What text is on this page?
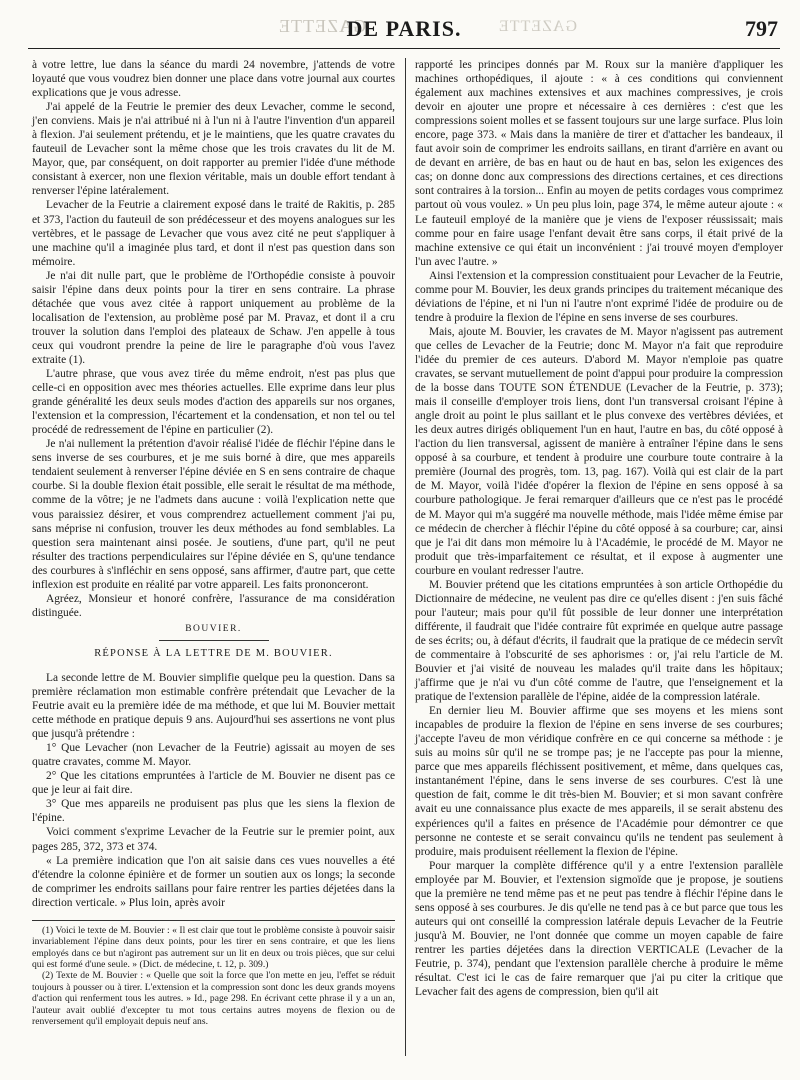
GAZETTE	GAZETTE
DE PARIS.	797

à votre lettre, lue dans la séance du mardi 24 novembre, j'attends de votre loyauté que vous voudrez bien donner une place dans votre journal aux courtes explications que je vous adresse.

J'ai appelé de la Feutrie le premier des deux Levacher, comme le second, j'en conviens. Mais je n'ai attribué ni à l'un ni à l'autre l'invention d'un appareil à flexion. J'ai seulement prétendu, et je le maintiens, que les quatre cravates du fauteuil de Levacher sont la même chose que les trois cravates du lit de M. Mayor, que, par conséquent, on doit rapporter au premier l'idée d'une méthode consistant à exercer, non une flexion véritable, mais un double effort tendant à renverser l'épine latéralement.

Levacher de la Feutrie a clairement exposé dans le traité de Rakitis, p. 285 et 373, l'action du fauteuil de son prédécesseur et des moyens analogues sur les vertèbres, et le passage de Levacher que vous avez cité ne peut s'appliquer à une machine qu'il a imaginée plus tard, et dont il n'est pas question dans son mémoire.

Je n'ai dit nulle part, que le problème de l'Orthopédie consiste à pouvoir saisir l'épine dans deux points pour la tirer en sens contraire. La phrase détachée que vous avez citée à rapport uniquement au problème de la localisation de l'extension, au problème posé par M. Pravaz, et dont il a cru trouver la solution dans l'emploi des plateaux de Schaw. J'en appelle à tous ceux qui voudront prendre la peine de lire le paragraphe d'où vous l'avez extraite (1).

L'autre phrase, que vous avez tirée du même endroit, n'est pas plus que celle-ci en opposition avec mes théories actuelles. Elle exprime dans leur plus grande généralité les deux seuls modes d'action des appareils sur nos organes, l'extension et la compression, l'écartement et la condensation, et non tel ou tel procédé de redressement de l'épine en particulier (2).

Je n'ai nullement la prétention d'avoir réalisé l'idée de fléchir l'épine dans le sens inverse de ses courbures, et je me suis borné à dire, que mes appareils tendaient seulement à renverser l'épine déviée en S en sens contraire de chaque courbe. Si la double flexion était possible, elle serait le résultat de ma méthode, comme de la vôtre; je ne l'admets dans aucune : voilà l'explication nette que vous paraissiez désirer, et vous comprendrez actuellement comment j'ai pu, sans méprise ni confusion, trouver les deux méthodes au fond semblables. La question sera maintenant ainsi posée. Je soutiens, d'une part, qu'il ne peut résulter des tractions perpendiculaires sur l'épine déviée en S, qu'une tendance des courbures à s'infléchir en sens opposé, sans affirmer, d'autre part, que cette inflexion est produite en réalité par votre appareil. Les faits prononceront.

Agréez, Monsieur et honoré confrère, l'assurance de ma considération distinguée.

BOUVIER.

RÉPONSE À LA LETTRE DE M. BOUVIER.

La seconde lettre de M. Bouvier simplifie quelque peu la question. Dans sa première réclamation mon estimable confrère prétendait que Levacher de la Feutrie avait eu la première idée de ma méthode, et que lui M. Bouvier mettait cette méthode en pratique depuis 9 ans. Aujourd'hui ses assertions ne vont plus que jusqu'à prétendre :

1° Que Levacher (non Levacher de la Feutrie) agissait au moyen de ses quatre cravates, comme M. Mayor.

2° Que les citations empruntées à l'article de M. Bouvier ne disent pas ce que je leur ai fait dire.

3° Que mes appareils ne produisent pas plus que les siens la flexion de l'épine.

Voici comment s'exprime Levacher de la Feutrie sur le premier point, aux pages 285, 372, 373 et 374.

« La première indication que l'on ait saisie dans ces vues nouvelles a été d'étendre la colonne épinière et de former un soutien aux os longs; la seconde de comprimer les endroits saillans pour faire rentrer les parties déjetées dans la direction verticale. » Plus loin, après avoir

(1) Voici le texte de M. Bouvier : « Il est clair que tout le problème consiste à pouvoir saisir invariablement l'épine dans deux points, pour les tirer en sens contraire, et que les liens employés dans ce but n'agiront pas autrement sur un lit en deux ou trois pièces, que sur celui qui est formé d'une seule. » (Dict. de médecine, t. 12, p. 309.)

(2) Texte de M. Bouvier : « Quelle que soit la force que l'on mette en jeu, l'effet se réduit toujours à pousser ou à tirer. L'extension et la compression sont donc les deux grands moyens d'action qui renferment tous les autres. » Id., page 298. En écrivant cette phrase il y a un an, l'auteur avait oublié d'excepter tu mot tous certains autres moyens de flexion ou de renversement qu'il employait depuis neuf ans.

rapporté les principes donnés par M. Roux sur la manière d'appliquer les machines orthopédiques, il ajoute : « à ces conditions qui conviennent également aux machines extensives et aux machines compressives, je crois devoir en ajouter une propre et nécessaire à ces dernières : c'est que les compressions soient molles et se fassent toujours sur une large surface. Plus loin encore, page 373. « Mais dans la manière de tirer et d'attacher les bandeaux, il faut avoir soin de comprimer les endroits saillans, en tirant d'arrière en avant ou de devant en arrière, de bas en haut ou de haut en bas, selon les exigences des cas; on donne donc aux compressions des directions certaines, et ces directions sont contraires à la torsion... Enfin au moyen de petits cordages vous comprimez partout où vous voulez. » Un peu plus loin, page 374, le même auteur ajoute : « Le fauteuil employé de la manière que je viens de l'exposer réussissait; mais comme pour en faire usage l'enfant devait être sans corps, il était privé de la machine extensive ce qui était un inconvénient : j'ai trouvé moyen d'employer l'un avec l'autre. »

Ainsi l'extension et la compression constituaient pour Levacher de la Feutrie, comme pour M. Bouvier, les deux grands principes du traitement mécanique des déviations de l'épine, et ni l'un ni l'autre n'ont exprimé l'idée de produire ou de tendre à produire la flexion de l'épine en sens inverse de ses courbures.

Mais, ajoute M. Bouvier, les cravates de M. Mayor n'agissent pas autrement que celles de Levacher de la Feutrie; donc M. Mayor n'a fait que reproduire l'idée du premier de ces auteurs. D'abord M. Mayor n'emploie pas quatre cravates, se servant mutuellement de point d'appui pour produire la compression de la bosse dans TOUTE SON ÉTENDUE (Levacher de la Feutrie, p. 373); mais il conseille d'employer trois liens, dont l'un transversal croisant l'épine à angle droit au point le plus saillant et le plus convexe des vertèbres déviées, et les deux autres dirigés obliquement l'un en haut, l'autre en bas, du côté opposé à l'action du lien transversal, agissent de manière à entraîner l'épine dans le sens opposé à sa courbure, et tendent à produire une courbure toute contraire à la première (Journal des progrès, tom. 13, pag. 167). Voilà qui est clair de la part de M. Mayor, voilà l'idée d'opérer la flexion de l'épine en sens opposé à sa courbure pathologique. Je ferai remarquer d'ailleurs que ce n'est pas le procédé de M. Mayor qui m'a suggéré ma nouvelle méthode, mais l'idée même émise par ce médecin de chercher à fléchir l'épine du côté opposé à sa courbure; car, ainsi que je l'ai dit dans mon mémoire lu à l'Académie, le procédé de M. Mayor ne produit que très-imparfaitement ce résultat, et il expose à augmenter une courbure en voulant redresser l'autre.

M. Bouvier prétend que les citations empruntées à son article Orthopédie du Dictionnaire de médecine, ne veulent pas dire ce qu'elles disent : j'en suis fâché pour l'auteur; mais pour qu'il fût possible de leur donner une interprétation différente, il faudrait que l'idée contraire fût exprimée en quelque autre passage de ses écrits; ou, à défaut d'écrits, il faudrait que la pratique de ce médecin servît de commentaire à l'obscurité de ses aphorismes : or, j'ai relu l'article de M. Bouvier et j'ai visité de nouveau les malades qu'il traite dans les hôpitaux; j'affirme que je n'ai vu d'un côté comme de l'autre, que l'enseignement et la pratique de l'extension parallèle de l'épine, aidée de la compression latérale.

En dernier lieu M. Bouvier affirme que ses moyens et les miens sont incapables de produire la flexion de l'épine en sens inverse de ses courbures; j'accepte l'aveu de mon véridique confrère en ce qui concerne sa méthode : je suis au moins sûr qu'il ne se trompe pas; je ne l'accepte pas pour la mienne, parce que mes appareils fléchissent positivement, et même, dans quelques cas, instantanément l'épine, dans le sens inverse de ses courbures. C'est là une question de fait, comme le dit très-bien M. Bouvier; et si mon savant confrère avait eu une connaissance plus exacte de mes appareils, il se serait abstenu des expériences qu'il a faites en présence de l'Académie pour démontrer ce que personne ne conteste et se serait convaincu qu'ils ne tendent pas seulement à produire, mais produisent réellement la flexion de l'épine.

Pour marquer la complète différence qu'il y a entre l'extension parallèle employée par M. Bouvier, et l'extension sigmoïde que je propose, je soutiens que la première ne tend même pas et ne peut pas tendre à fléchir l'épine dans le sens opposé à ses courbures. Je dis qu'elle ne tend pas à ce but parce que tous les auteurs qui ont conseillé la compression latérale depuis Levacher de la Feutrie jusqu'à M. Bouvier, ne l'ont donnée que comme un moyen capable de faire rentrer les parties déjetées dans la direction VERTICALE (Levacher de la Feutrie, p. 374), pendant que l'extension parallèle cherche à produire le même résultat. C'est ici le cas de faire remarquer que j'ai pu citer la critique que Levacher fait des agens de compression, bien qu'il ait
